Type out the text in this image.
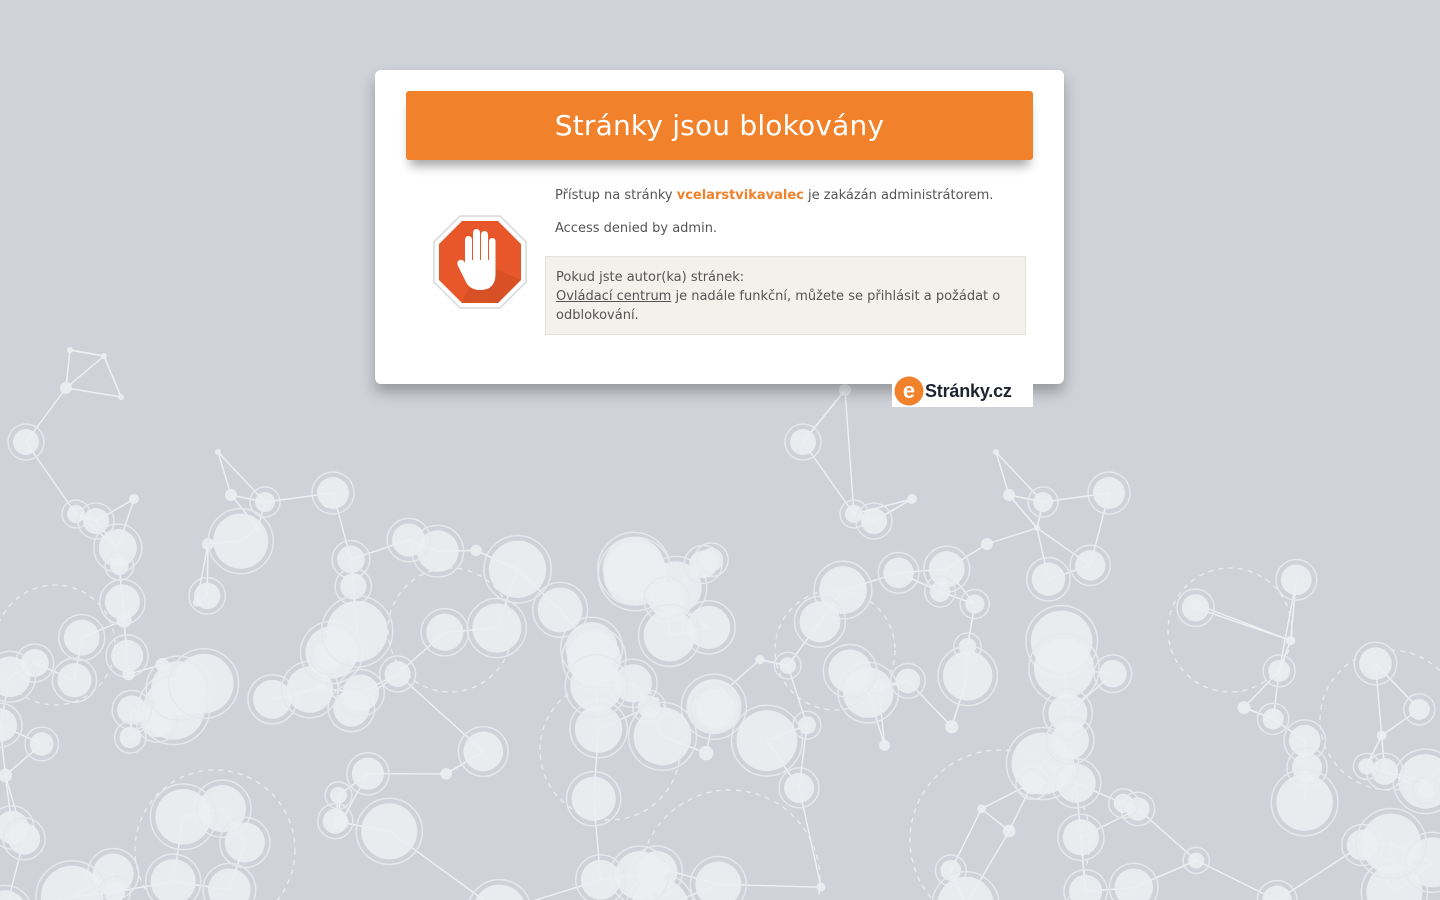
Stránky jsou blokovány
Přístup na stránky vcelarstvikavalec je zakázán administrátorem.
Access denied by admin.
Pokud jste autor(ka) stránek:
Ovládací centrum je nadále funkční, můžete se přihlásit a požádat o odblokování.
e Stránky.cz
